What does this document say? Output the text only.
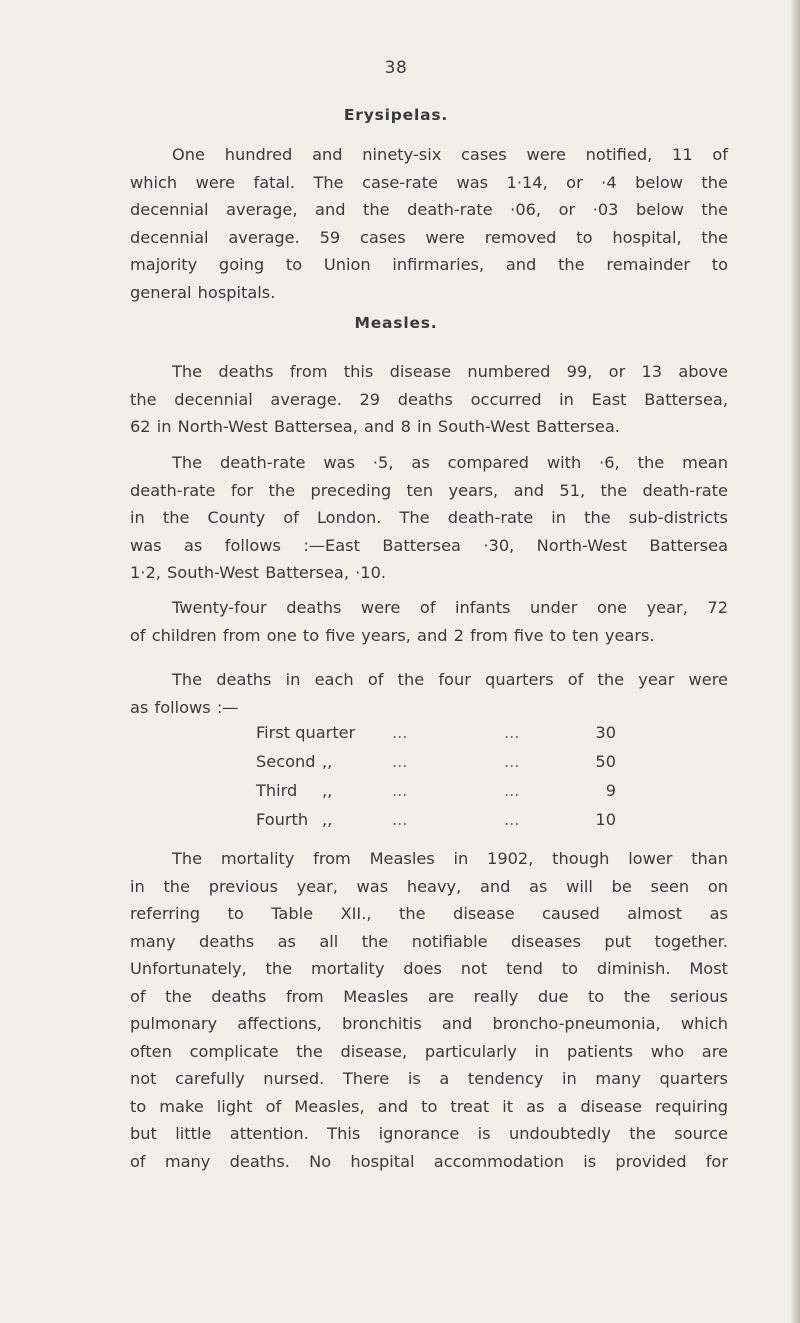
38
Erysipelas.
One hundred and ninety-six cases were notified, 11 of
which were fatal. The case-rate was 1·14, or ·4 below the
decennial average, and the death-rate ·06, or ·03 below the
decennial average. 59 cases were removed to hospital, the
majority going to Union infirmaries, and the remainder to
general hospitals.
Measles.
The deaths from this disease numbered 99, or 13 above
the decennial average. 29 deaths occurred in East Battersea,
62 in North-West Battersea, and 8 in South-West Battersea.
The death-rate was ·5, as compared with ·6, the mean
death-rate for the preceding ten years, and 51, the death-rate
in the County of London. The death-rate in the sub-districts
was as follows :—East Battersea ·30, North-West Battersea
1·2, South-West Battersea, ·10.
Twenty-four deaths were of infants under one year, 72
of children from one to five years, and 2 from five to ten years.
The deaths in each of the four quarters of the year were
as follows :—
First quarter ...	...	30
Second ,,	...	...	50
Third ,,	...	...	9
Fourth ,,	...	...	10
The mortality from Measles in 1902, though lower than
in the previous year, was heavy, and as will be seen on
referring to Table XII., the disease caused almost as
many deaths as all the notifiable diseases put together.
Unfortunately, the mortality does not tend to diminish. Most
of the deaths from Measles are really due to the serious
pulmonary affections, bronchitis and broncho-pneumonia, which
often complicate the disease, particularly in patients who are
not carefully nursed. There is a tendency in many quarters
to make light of Measles, and to treat it as a disease requiring
but little attention. This ignorance is undoubtedly the source
of many deaths. No hospital accommodation is provided for
